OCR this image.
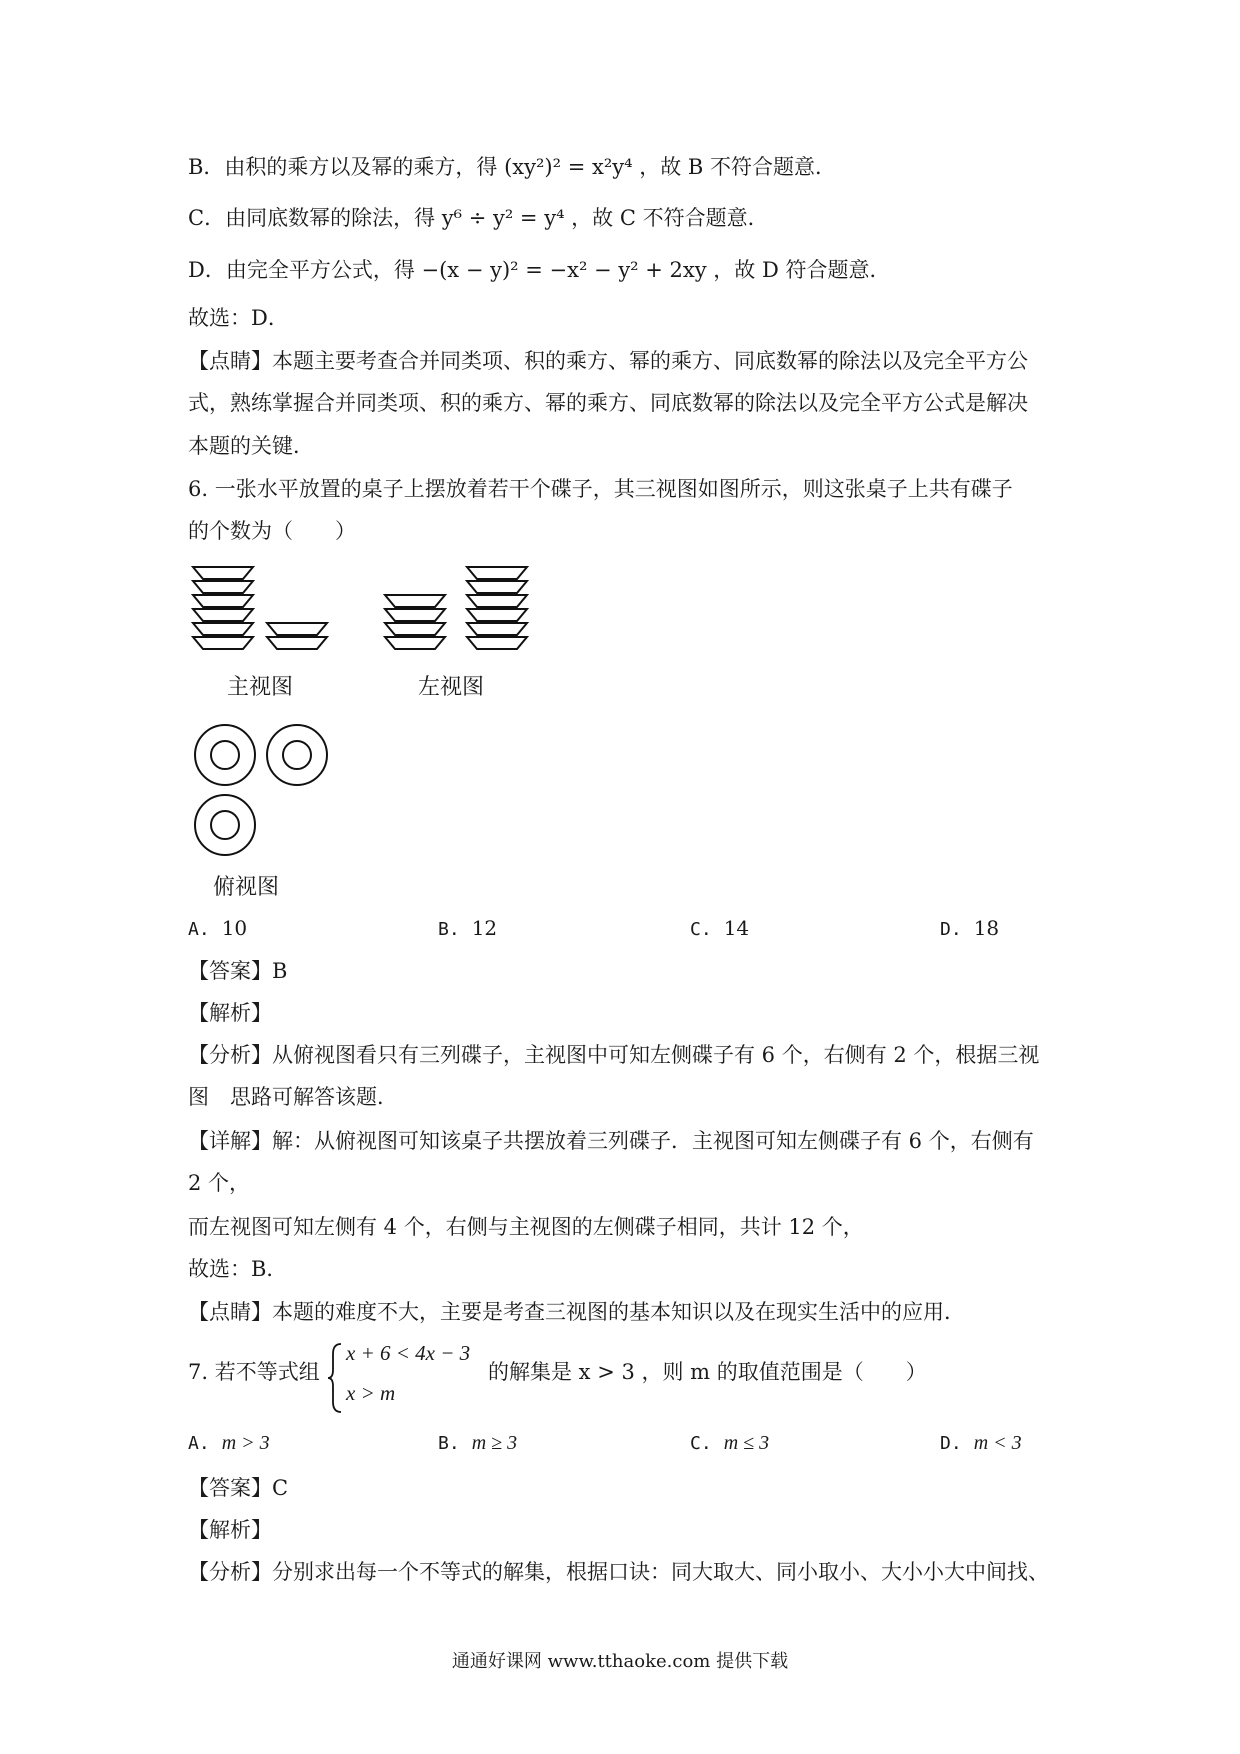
B．由积的乘方以及幂的乘方，得 (xy²)² = x²y⁴ ，故 B 不符合题意．
C．由同底数幂的除法，得 y⁶ ÷ y² = y⁴ ，故 C 不符合题意．
D．由完全平方公式，得 −(x − y)² = −x² − y² + 2xy ，故 D 符合题意．
故选：D．
【点睛】本题主要考查合并同类项、积的乘方、幂的乘方、同底数幂的除法以及完全平方公
式，熟练掌握合并同类项、积的乘方、幂的乘方、同底数幂的除法以及完全平方公式是解决
本题的关键．
6. 一张水平放置的桌子上摆放着若干个碟子，其三视图如图所示，则这张桌子上共有碟子
的个数为（　　）
主视图	左视图
俯视图
A. 10	B. 12	C. 14	D. 18
【答案】B
【解析】
【分析】从俯视图看只有三列碟子，主视图中可知左侧碟子有 6 个，右侧有 2 个，根据三视
图　思路可解答该题．
【详解】解：从俯视图可知该桌子共摆放着三列碟子．主视图可知左侧碟子有 6 个，右侧有
2 个，
而左视图可知左侧有 4 个，右侧与主视图的左侧碟子相同，共计 12 个，
故选：B．
【点睛】本题的难度不大，主要是考查三视图的基本知识以及在现实生活中的应用．
7. 若不等式组
x + 6 < 4x − 3
x > m
的解集是 x > 3 ，则 m 的取值范围是（　　）
A. m > 3	B. m ≥ 3	C. m ≤ 3	D. m < 3
【答案】C
【解析】
【分析】分别求出每一个不等式的解集，根据口诀：同大取大、同小取小、大小小大中间找、
通通好课网 www.tthaoke.com 提供下载
